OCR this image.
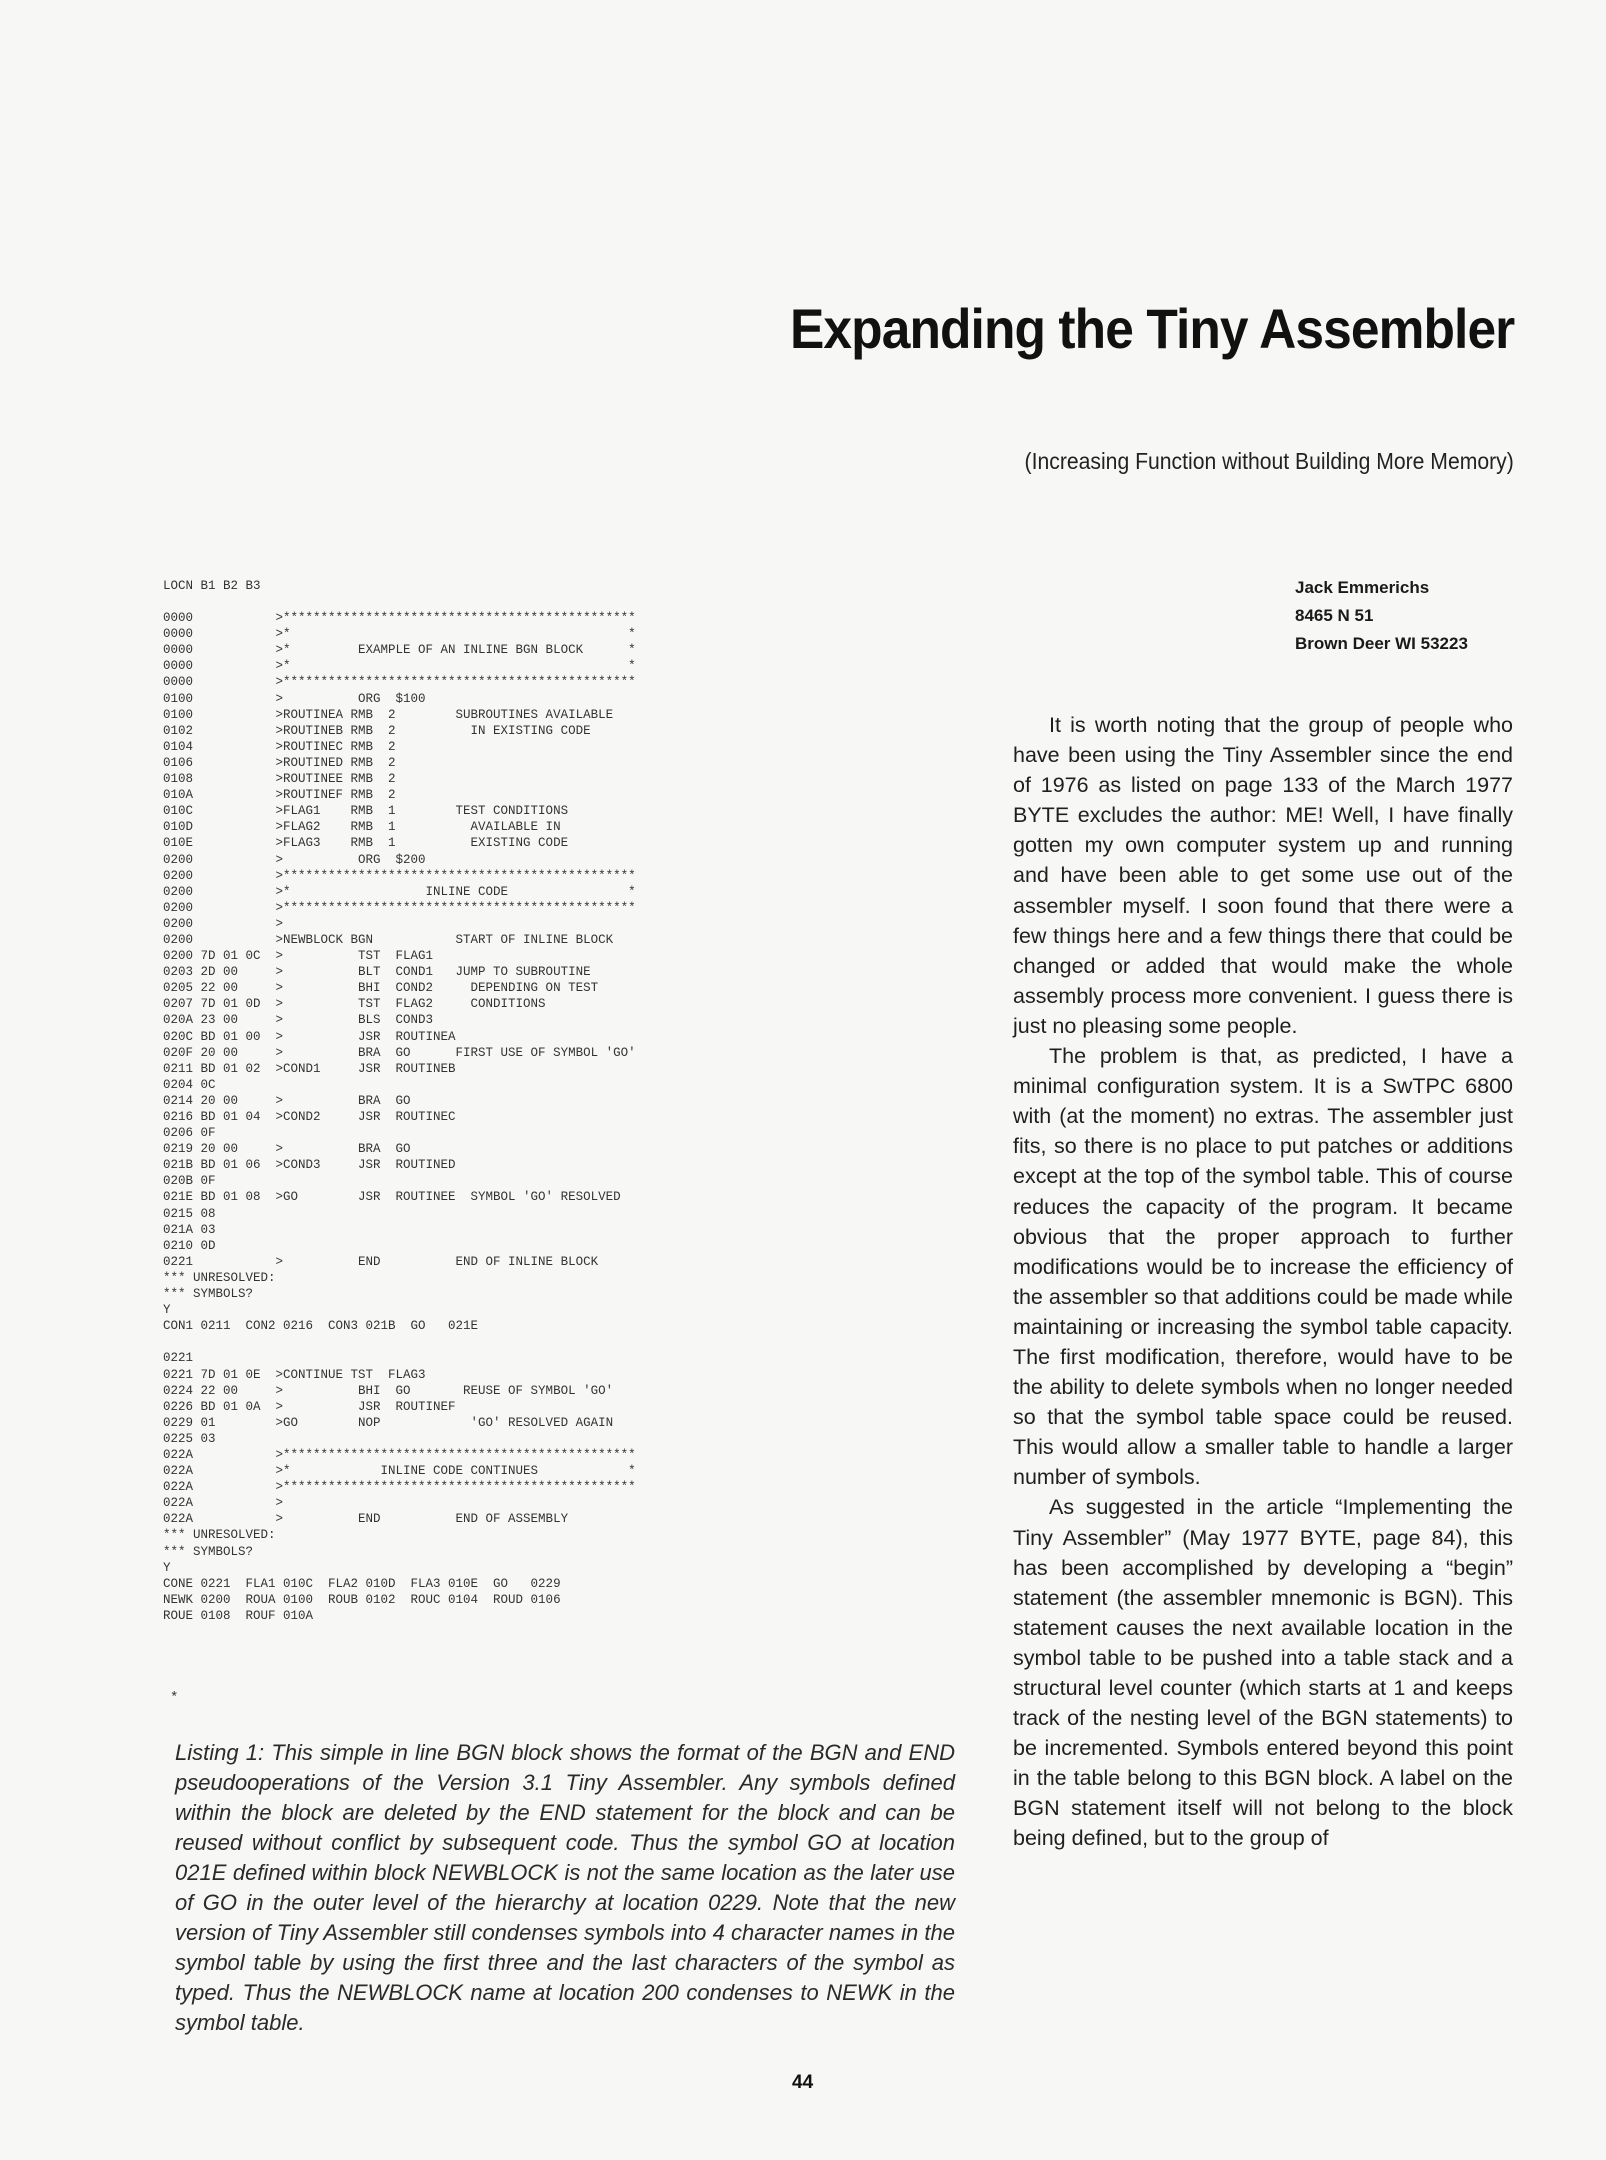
Expanding the Tiny Assembler

(Increasing Function without Building More Memory)

LOCN B1 B2 B3
0000           >***********************************************
0000           >*                                             *
0000           >*         EXAMPLE OF AN INLINE BGN BLOCK      *
0000           >*                                             *
0000           >***********************************************
0100           >          ORG  $100
0100           >ROUTINEA RMB  2        SUBROUTINES AVAILABLE
0102           >ROUTINEB RMB  2          IN EXISTING CODE
0104           >ROUTINEC RMB  2
0106           >ROUTINED RMB  2
0108           >ROUTINEE RMB  2
010A           >ROUTINEF RMB  2
010C           >FLAG1    RMB  1        TEST CONDITIONS
010D           >FLAG2    RMB  1          AVAILABLE IN
010E           >FLAG3    RMB  1          EXISTING CODE
0200           >          ORG  $200
0200           >***********************************************
0200           >*                  INLINE CODE                *
0200           >***********************************************
0200           >
0200           >NEWBLOCK BGN           START OF INLINE BLOCK
0200 7D 01 0C  >          TST  FLAG1
0203 2D 00     >          BLT  COND1   JUMP TO SUBROUTINE
0205 22 00     >          BHI  COND2     DEPENDING ON TEST
0207 7D 01 0D  >          TST  FLAG2     CONDITIONS
020A 23 00     >          BLS  COND3
020C BD 01 00  >          JSR  ROUTINEA
020F 20 00     >          BRA  GO      FIRST USE OF SYMBOL 'GO'
0211 BD 01 02  >COND1     JSR  ROUTINEB
0204 0C
0214 20 00     >          BRA  GO
0216 BD 01 04  >COND2     JSR  ROUTINEC
0206 0F
0219 20 00     >          BRA  GO
021B BD 01 06  >COND3     JSR  ROUTINED
020B 0F
021E BD 01 08  >GO        JSR  ROUTINEE  SYMBOL 'GO' RESOLVED
0215 08
021A 03
0210 0D
0221           >          END          END OF INLINE BLOCK
*** UNRESOLVED:
*** SYMBOLS?
Y
CON1 0211  CON2 0216  CON3 021B  GO   021E
0221
0221 7D 01 0E  >CONTINUE TST  FLAG3
0224 22 00     >          BHI  GO       REUSE OF SYMBOL 'GO'
0226 BD 01 0A  >          JSR  ROUTINEF
0229 01        >GO        NOP            'GO' RESOLVED AGAIN
0225 03
022A           >***********************************************
022A           >*            INLINE CODE CONTINUES            *
022A           >***********************************************
022A           >
022A           >          END          END OF ASSEMBLY
*** UNRESOLVED:
*** SYMBOLS?
Y
CONE 0221  FLA1 010C  FLA2 010D  FLA3 010E  GO   0229
NEWK 0200  ROUA 0100  ROUB 0102  ROUC 0104  ROUD 0106
ROUE 0108  ROUF 010A
*

Listing 1: This simple in line BGN block shows the format of the BGN and END pseudooperations of the Version 3.1 Tiny Assembler. Any symbols defined within the block are deleted by the END statement for the block and can be reused without conflict by subsequent code. Thus the symbol GO at location 021E defined within block NEWBLOCK is not the same location as the later use of GO in the outer level of the hierarchy at location 0229. Note that the new version of Tiny Assembler still condenses symbols into 4 character names in the symbol table by using the first three and the last characters of the symbol as typed. Thus the NEWBLOCK name at location 200 condenses to NEWK in the symbol table.

Jack Emmerichs
8465 N 51
Brown Deer WI 53223

It is worth noting that the group of people who have been using the Tiny Assembler since the end of 1976 as listed on page 133 of the March 1977 BYTE excludes the author: ME! Well, I have finally gotten my own computer system up and running and have been able to get some use out of the assembler myself. I soon found that there were a few things here and a few things there that could be changed or added that would make the whole assembly process more convenient. I guess there is just no pleasing some people.

The problem is that, as predicted, I have a minimal configuration system. It is a SwTPC 6800 with (at the moment) no extras. The assembler just fits, so there is no place to put patches or additions except at the top of the symbol table. This of course reduces the capacity of the program. It became obvious that the proper approach to further modifications would be to increase the efficiency of the assembler so that additions could be made while maintaining or increasing the symbol table capacity. The first modification, therefore, would have to be the ability to delete symbols when no longer needed so that the symbol table space could be reused. This would allow a smaller table to handle a larger number of symbols.

As suggested in the article “Implementing the Tiny Assembler” (May 1977 BYTE, page 84), this has been accomplished by developing a “begin” statement (the assembler mnemonic is BGN). This statement causes the next available location in the symbol table to be pushed into a table stack and a structural level counter (which starts at 1 and keeps track of the nesting level of the BGN statements) to be incremented. Symbols entered beyond this point in the table belong to this BGN block. A label on the BGN statement itself will not belong to the block being defined, but to the group of

44
